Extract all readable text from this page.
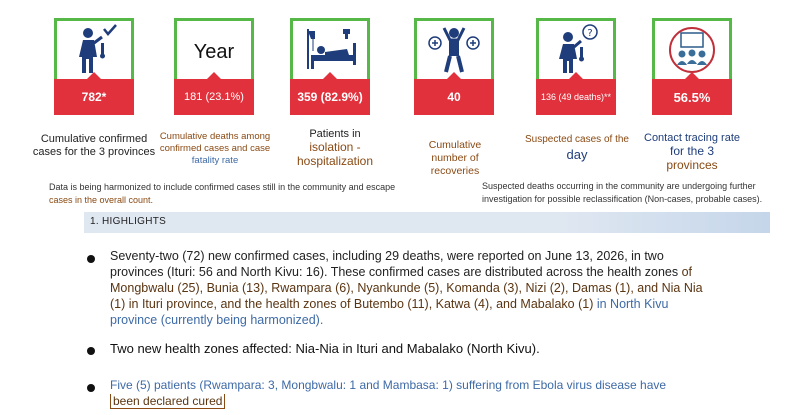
782*
Cumulative confirmed cases for the 3 provinces
Year
181 (23.1%)
Cumulative deaths among confirmed cases and case
fatality rate
359 (82.9%)
Patients in
isolation -
hospitalization
40
Cumulative number of recoveries
?
136 (49 deaths)**
Suspected cases of the
day
56.5%
Contact tracing rate
for the 3
provinces
Data is being harmonized to include confirmed cases still in the community and escape
cases in the overall count.
Suspected deaths occurring in the community are undergoing further investigation for possible reclassification (Non-cases, probable cases).
1. HIGHLIGHTS
Seventy-two (72) new confirmed cases, including 29 deaths, were reported on June 13, 2026, in two provinces (Ituri: 56 and North Kivu: 16). These confirmed cases are distributed across the health zones of Mongbwalu (25), Bunia (13), Rwampara (6), Nyankunde (5), Komanda (3), Nizi (2), Damas (1), and Nia Nia (1) in Ituri province, and the health zones of Butembo (11), Katwa (4), and Mabalako (1) in North Kivu province (currently being harmonized).
Two new health zones affected: Nia-Nia in Ituri and Mabalako (North Kivu).
Five (5) patients (Rwampara: 3, Mongbwalu: 1 and Mambasa: 1) suffering from Ebola virus disease have
been declared cured
